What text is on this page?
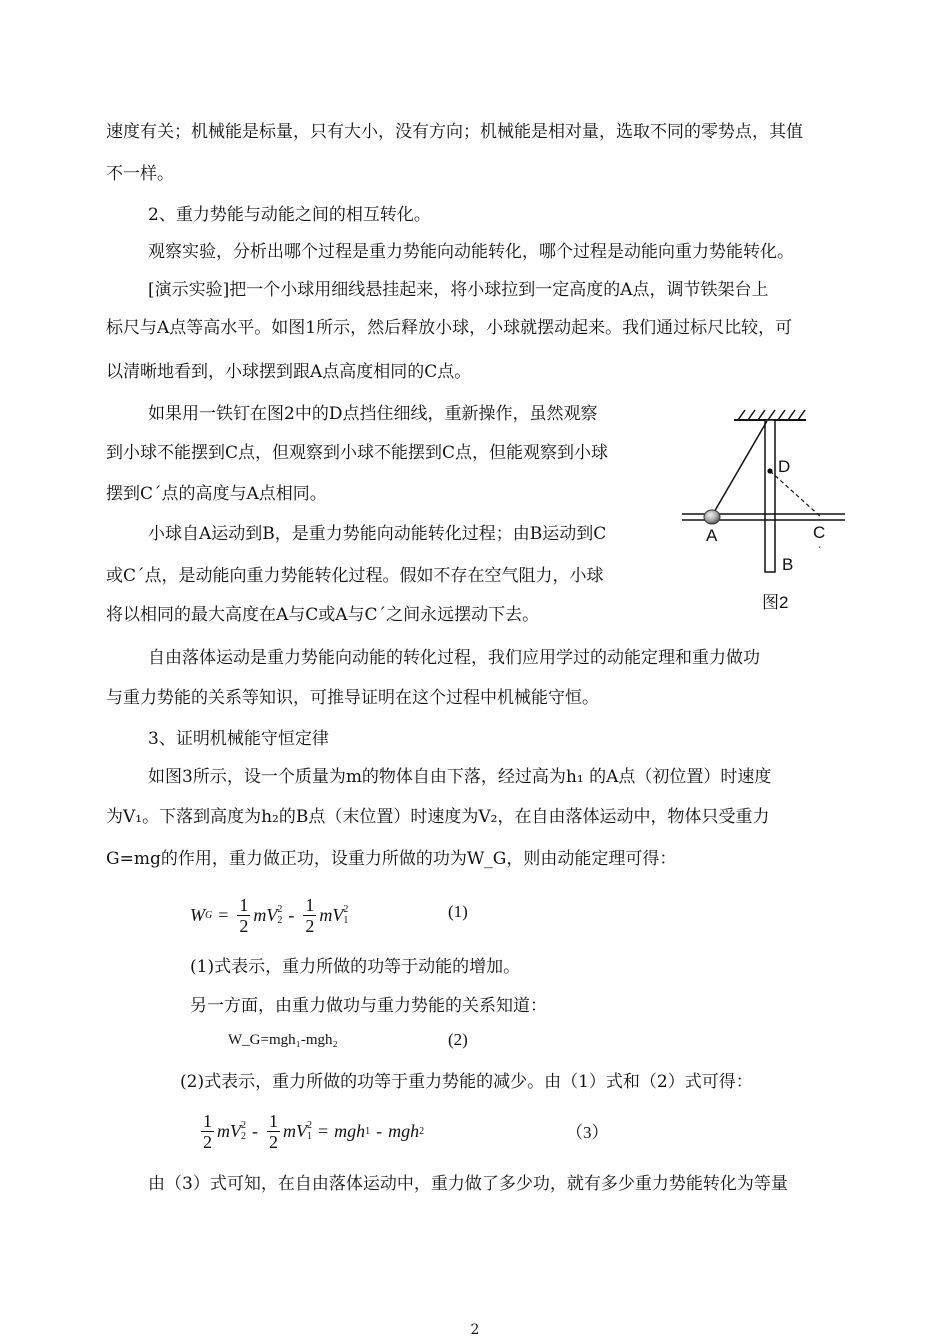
速度有关；机械能是标量，只有大小，没有方向；机械能是相对量，选取不同的零势点，其值
不一样。
2、重力势能与动能之间的相互转化。
观察实验，分析出哪个过程是重力势能向动能转化，哪个过程是动能向重力势能转化。
[演示实验]把一个小球用细线悬挂起来，将小球拉到一定高度的A点，调节铁架台上
标尺与A点等高水平。如图1所示，然后释放小球，小球就摆动起来。我们通过标尺比较，可
以清晰地看到，小球摆到跟A点高度相同的C点。
如果用一铁钉在图2中的D点挡住细线，重新操作，虽然观察
到小球不能摆到C点，但观察到小球不能摆到C点，但能观察到小球
摆到C΄点的高度与A点相同。
小球自A运动到B，是重力势能向动能转化过程；由B运动到C
或C΄点，是动能向重力势能转化过程。假如不存在空气阻力，小球
将以相同的最大高度在A与C或A与C΄之间永远摆动下去。
A
B
C
΄
D
图2
自由落体运动是重力势能向动能的转化过程，我们应用学过的动能定理和重力做功
与重力势能的关系等知识，可推导证明在这个过程中机械能守恒。
3、证明机械能守恒定律
如图3所示，设一个质量为m的物体自由下落，经过高为h₁ 的A点（初位置）时速度
为V₁。下落到高度为h₂的B点（末位置）时速度为V₂，在自由落体运动中，物体只受重力
G=mg的作用，重力做正功，设重力所做的功为W_G，则由动能定理可得：
W $G = \frac{1}{2}$ m V 2
$2 - \frac{1}{2}$ m V 2
1	(1)
(1)式表示，重力所做的功等于动能的增加。
另一方面，由重力做功与重力势能的关系知道：
W_G=mgh₁-mgh₂	(2)
(2)式表示，重力所做的功等于重力势能的减少。由（1）式和（2）式可得：
$\frac{1}{2}$ m V 2
$2 - \frac{1}{2}$ m V 2
1 = mgh 1 - mgh 2	（3）
由（3）式可知，在自由落体运动中，重力做了多少功，就有多少重力势能转化为等量
2
